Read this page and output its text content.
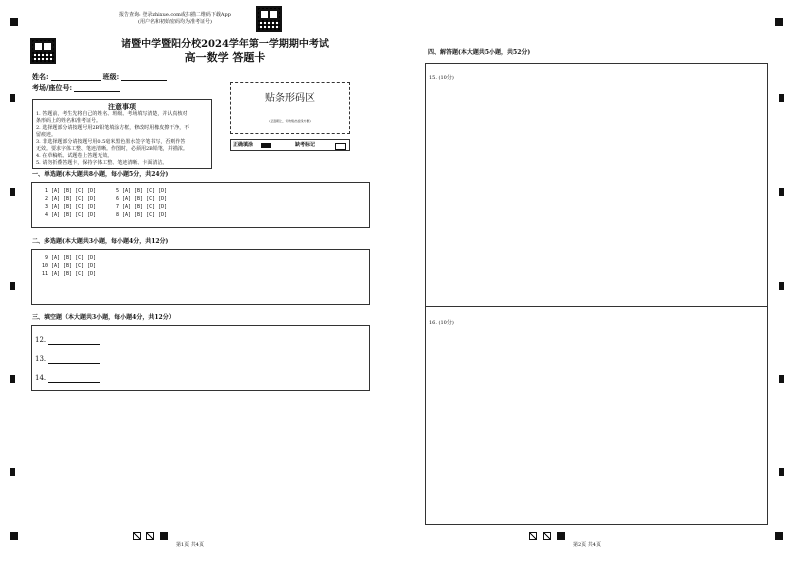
报告查询: 登录zhixue.com或扫描二维码下载App
(用户名和初始密码均为准考证号)
诸暨中学暨阳分校2024学年第一学期期中考试
高一数学 答题卡
姓名:	班级:
考场/座位号:
注意事项
1. 答题前，考生先将自己的姓名、班级、考场填写清楚，并认真核对
条形码上的姓名和准考证号。
2. 选择题部分请按题号用2B铅笔填涂方框，修改时用橡皮擦干净，不
留痕迹。
3. 非选择题部分请按题号用0.5毫米黑色墨水签字笔书写，否则作答
无效。要求字体工整、笔迹清晰。作图时，必须用2B铅笔，并描浓。
4. 在草稿纸、试题卷上答题无效。
5. 请勿折叠答题卡，保持字体工整、笔迹清晰、卡面清洁。
贴条形码区
(正面朝上，切勿贴出虚线方框)
正确填涂	缺考标记
一、单选题(本大题共8小题，每小题5分，共24分)
1 [A] [B] [C] [D]	5 [A] [B] [C] [D]
2 [A] [B] [C] [D]	6 [A] [B] [C] [D]
3 [A] [B] [C] [D]	7 [A] [B] [C] [D]
4 [A] [B] [C] [D]	8 [A] [B] [C] [D]
二、多选题(本大题共3小题，每小题4分，共12分)
9 [A] [B] [C] [D]
10 [A] [B] [C] [D]
11 [A] [B] [C] [D]
三、填空题（本大题共3小题，每小题4分，共12分）
12.
13.
14.
第1页 共4页
四、解答题(本大题共5小题，共52分)
15. (10分)
16. (10分)
第2页 共4页
